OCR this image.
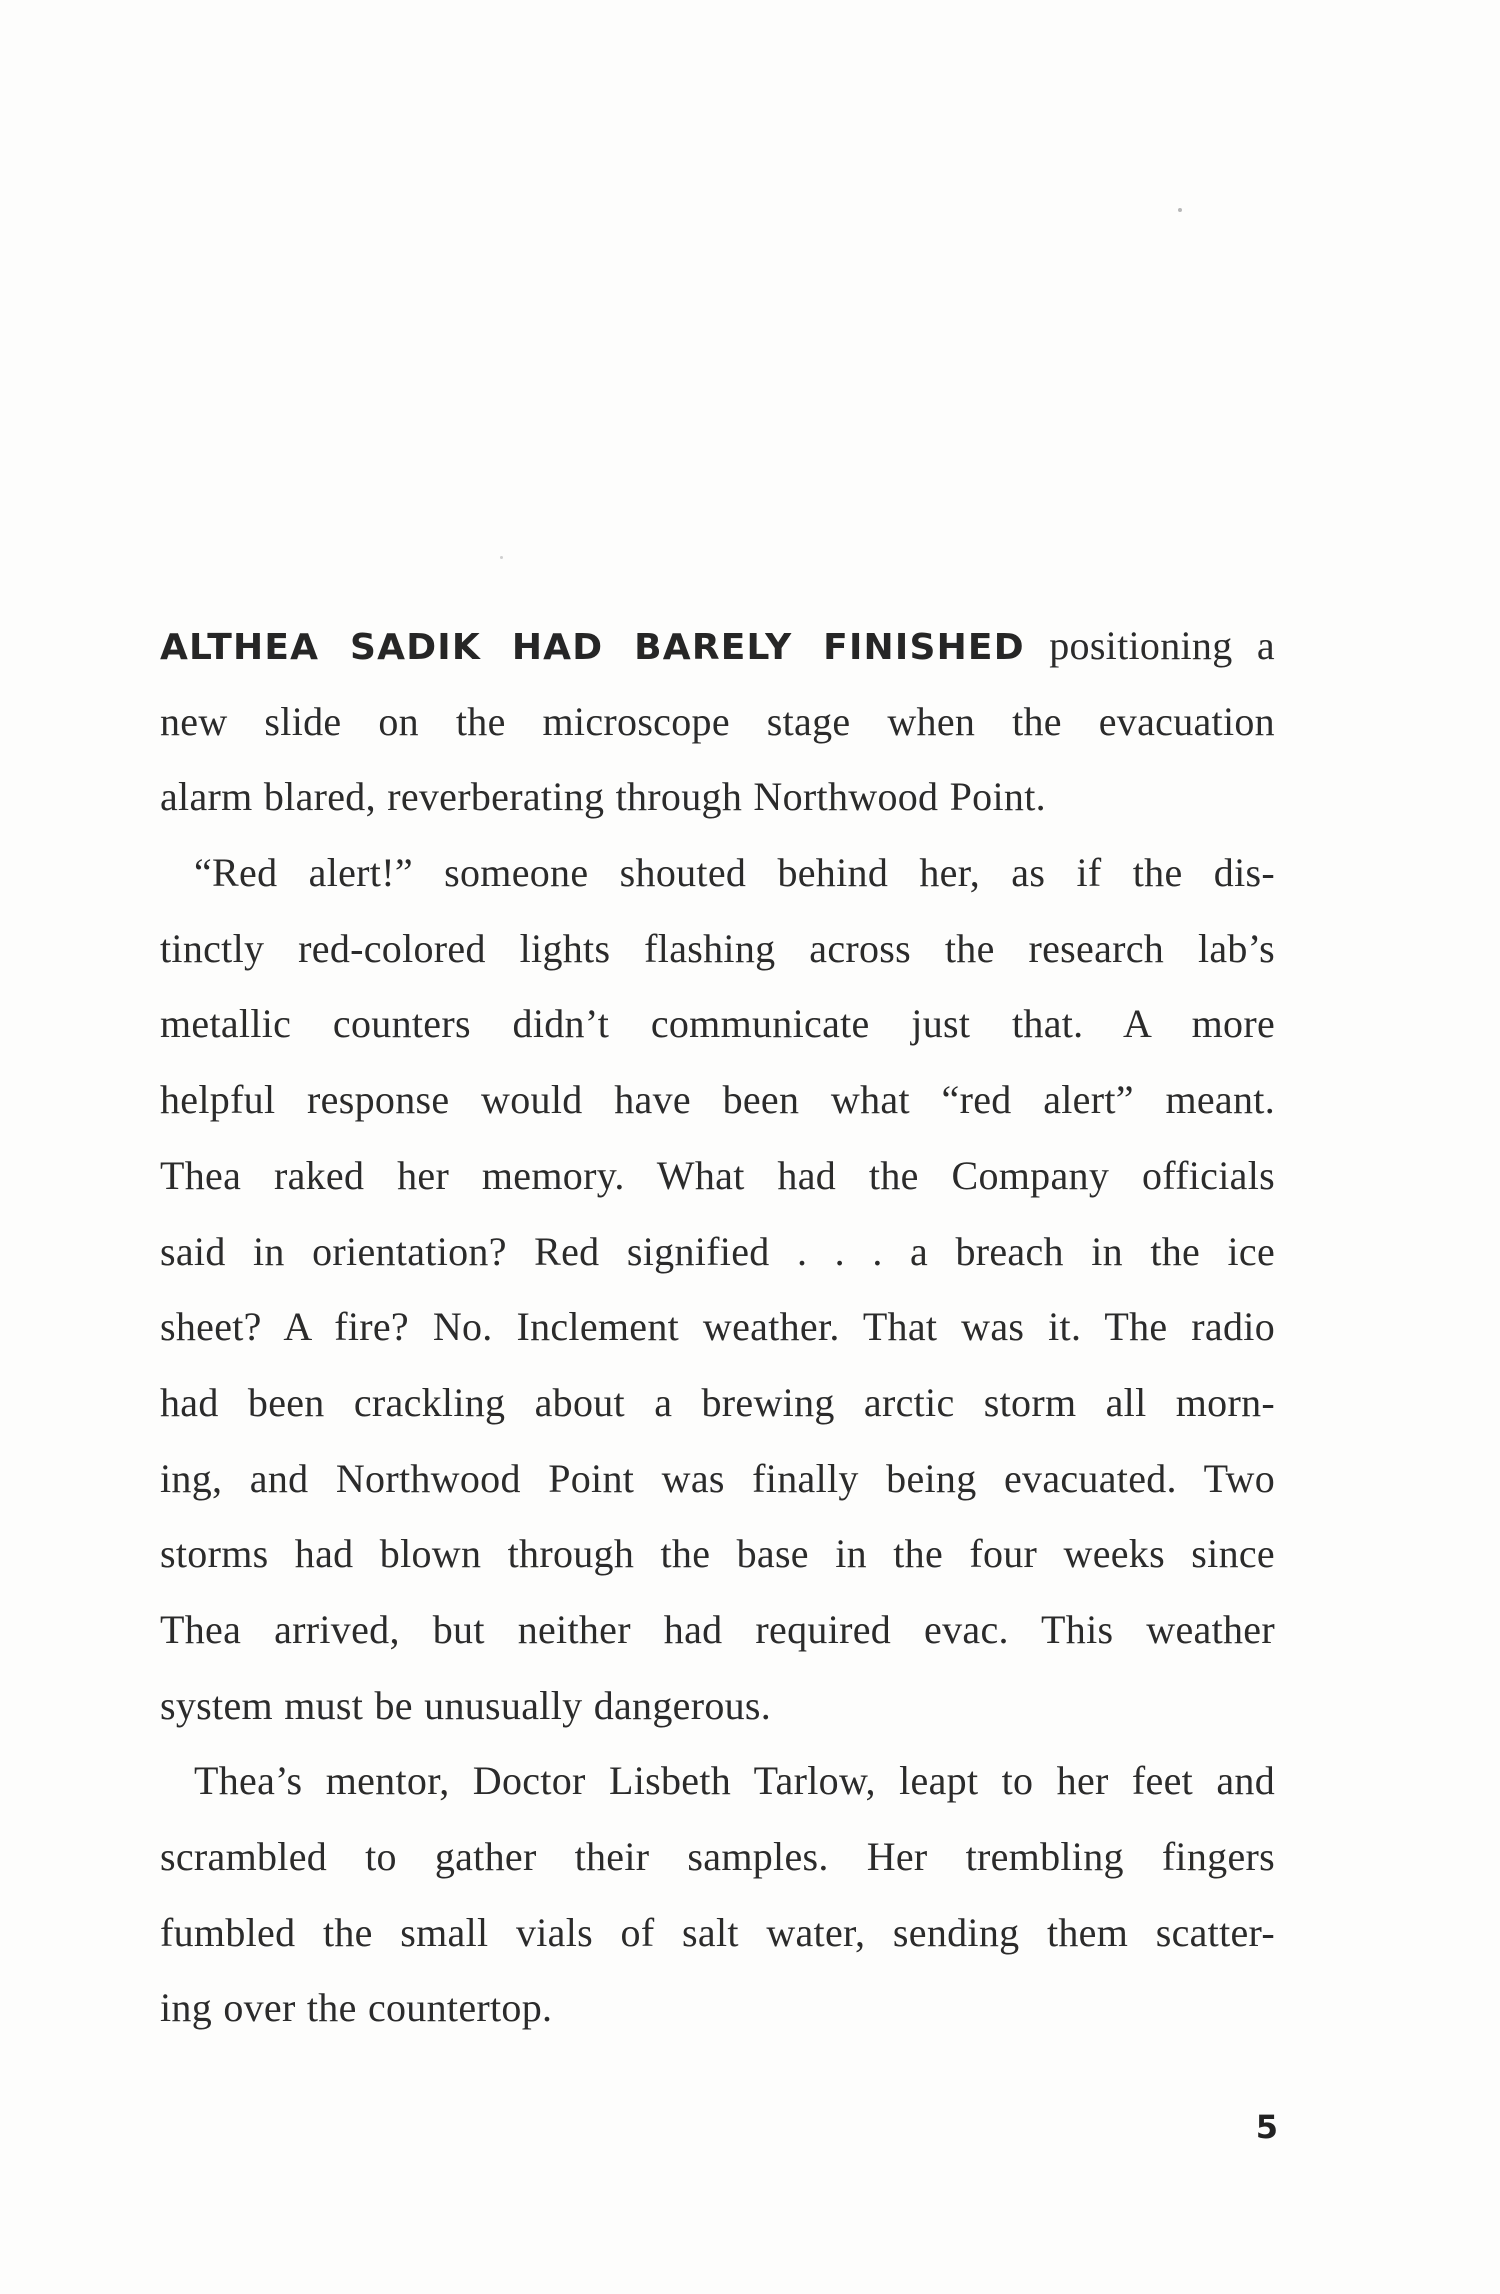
ALTHEA SADIK HAD BARELY FINISHED positioning a
new slide on the microscope stage when the evacuation
alarm blared, reverberating through Northwood Point.
“Red alert!” someone shouted behind her, as if the dis-
tinctly red-colored lights flashing across the research lab’s
metallic counters didn’t communicate just that. A more
helpful response would have been what “red alert” meant.
Thea raked her memory. What had the Company officials
said in orientation? Red signified . . . a breach in the ice
sheet? A fire? No. Inclement weather. That was it. The radio
had been crackling about a brewing arctic storm all morn-
ing, and Northwood Point was finally being evacuated. Two
storms had blown through the base in the four weeks since
Thea arrived, but neither had required evac. This weather
system must be unusually dangerous.
Thea’s mentor, Doctor Lisbeth Tarlow, leapt to her feet and
scrambled to gather their samples. Her trembling fingers
fumbled the small vials of salt water, sending them scatter-
ing over the countertop.
5
